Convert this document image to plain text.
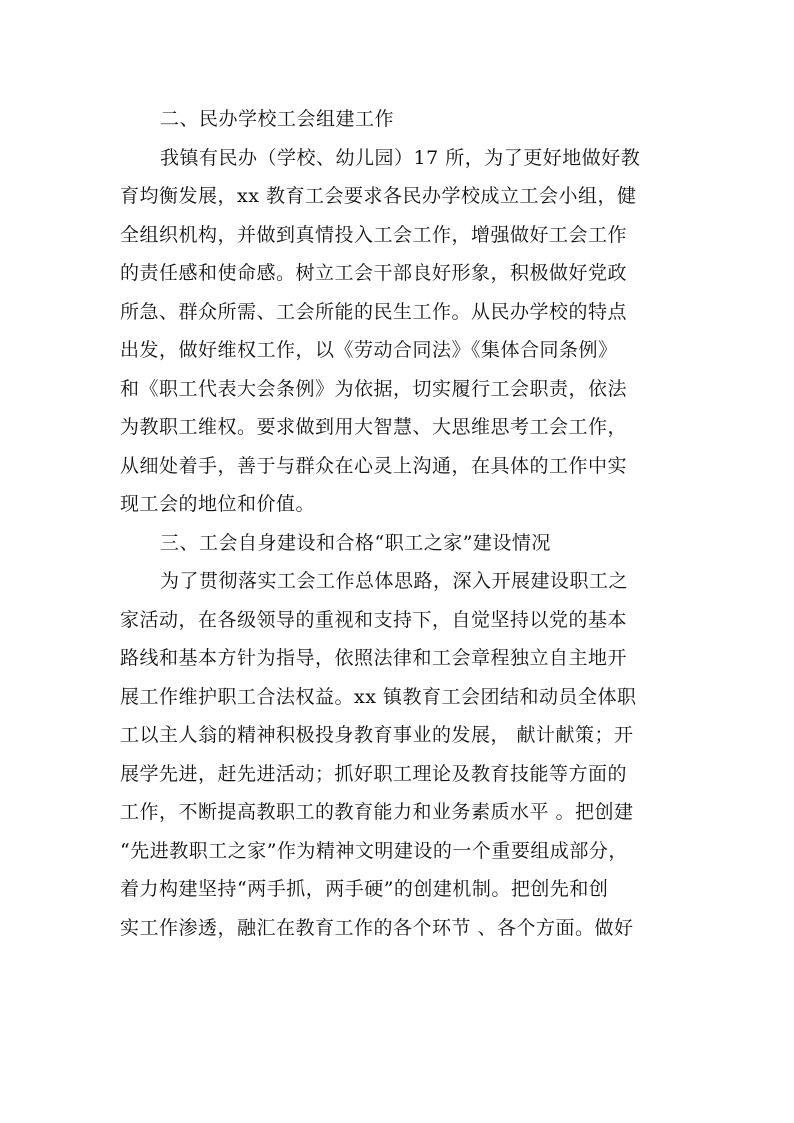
二、民办学校工会组建工作
我镇有民办（学校、幼儿园）17 所，为了更好地做好教
育均衡发展，xx 教育工会要求各民办学校成立工会小组，健
全组织机构，并做到真情投入工会工作，增强做好工会工作
的责任感和使命感。树立工会干部良好形象，积极做好党政
所急、群众所需、工会所能的民生工作。从民办学校的特点
出发，做好维权工作，以《劳动合同法》《集体合同条例》
和《职工代表大会条例》为依据，切实履行工会职责，依法
为教职工维权。要求做到用大智慧、大思维思考工会工作，
从细处着手，善于与群众在心灵上沟通，在具体的工作中实
现工会的地位和价值。
三、工会自身建设和合格“职工之家”建设情况
为了贯彻落实工会工作总体思路，深入开展建设职工之
家活动，在各级领导的重视和支持下，自觉坚持以党的基本
路线和基本方针为指导，依照法律和工会章程独立自主地开
展工作维护职工合法权益。xx 镇教育工会团结和动员全体职
工以主人翁的精神积极投身教育事业的发展， 献计献策；开
展学先进，赶先进活动；抓好职工理论及教育技能等方面的
工作，不断提高教职工的教育能力和业务素质水平 。把创建
“先进教职工之家”作为精神文明建设的一个重要组成部分，
着力构建坚持“两手抓，两手硬”的创建机制。把创先和创
实工作渗透，融汇在教育工作的各个环节 、各个方面。做好
